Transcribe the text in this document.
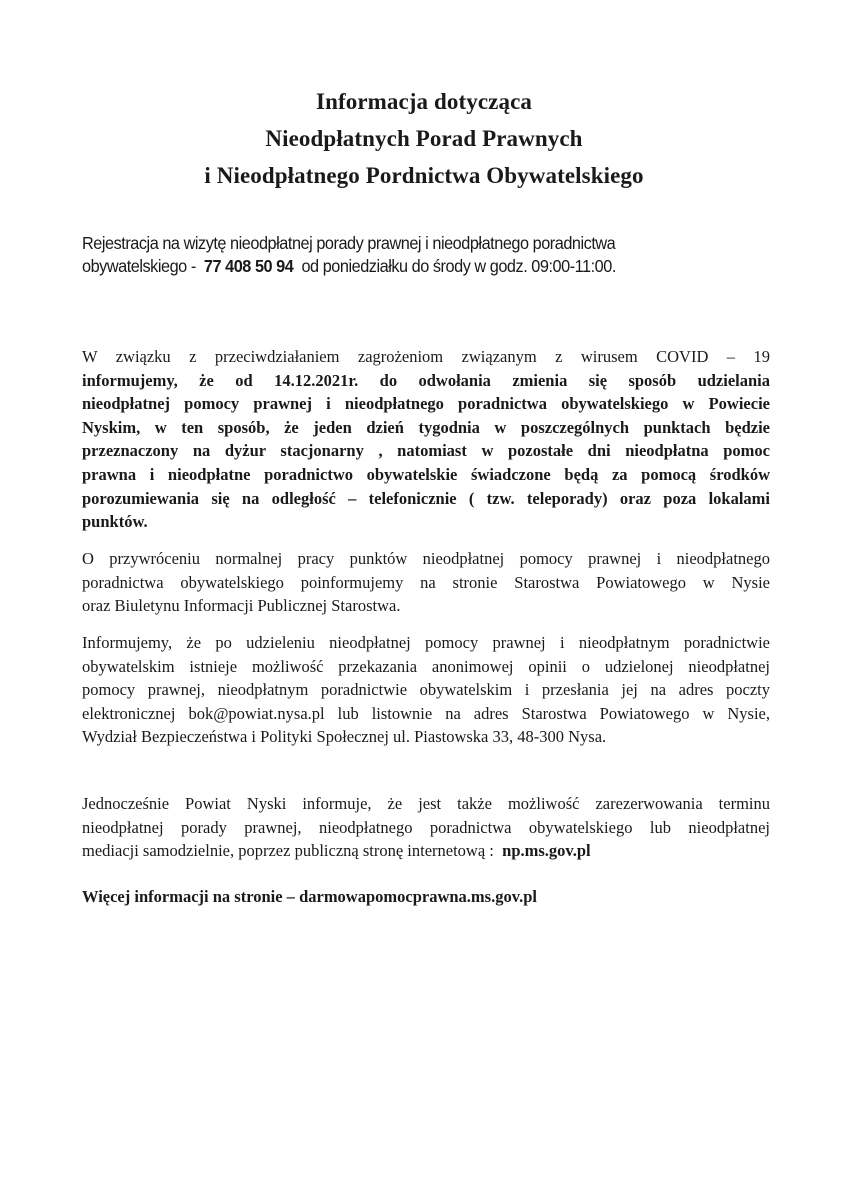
Informacja dotycząca
Nieodpłatnych Porad Prawnych
i Nieodpłatnego Pordnictwa Obywatelskiego
Rejestracja na wizytę nieodpłatnej porady prawnej i nieodpłatnego poradnictwa
obywatelskiego -  77 408 50 94  od poniedziałku do środy w godz. 09:00-11:00.
W związku z przeciwdziałaniem zagrożeniom związanym z wirusem COVID – 19
informujemy, że od 14.12.2021r. do odwołania zmienia się sposób udzielania
nieodpłatnej pomocy prawnej i nieodpłatnego poradnictwa obywatelskiego w Powiecie
Nyskim, w ten sposób, że jeden dzień tygodnia w poszczególnych punktach będzie
przeznaczony na dyżur stacjonarny , natomiast w pozostałe dni nieodpłatna pomoc
prawna i nieodpłatne poradnictwo obywatelskie świadczone będą za pomocą środków
porozumiewania się na odległość – telefonicznie ( tzw. teleporady) oraz poza lokalami
punktów.
O przywróceniu normalnej pracy punktów nieodpłatnej pomocy prawnej i nieodpłatnego
poradnictwa obywatelskiego poinformujemy na stronie Starostwa Powiatowego w Nysie
oraz Biuletynu Informacji Publicznej Starostwa.
Informujemy, że po udzieleniu nieodpłatnej pomocy prawnej i nieodpłatnym poradnictwie
obywatelskim istnieje możliwość przekazania anonimowej opinii o udzielonej nieodpłatnej
pomocy prawnej, nieodpłatnym poradnictwie obywatelskim i przesłania jej na adres poczty
elektronicznej bok@powiat.nysa.pl lub listownie na adres Starostwa Powiatowego w Nysie,
Wydział Bezpieczeństwa i Polityki Społecznej ul. Piastowska 33, 48-300 Nysa.
Jednocześnie Powiat Nyski informuje, że jest także możliwość zarezerwowania terminu
nieodpłatnej porady prawnej, nieodpłatnego poradnictwa obywatelskiego lub nieodpłatnej
mediacji samodzielnie, poprzez publiczną stronę internetową :  np.ms.gov.pl
Więcej informacji na stronie – darmowapomocprawna.ms.gov.pl
